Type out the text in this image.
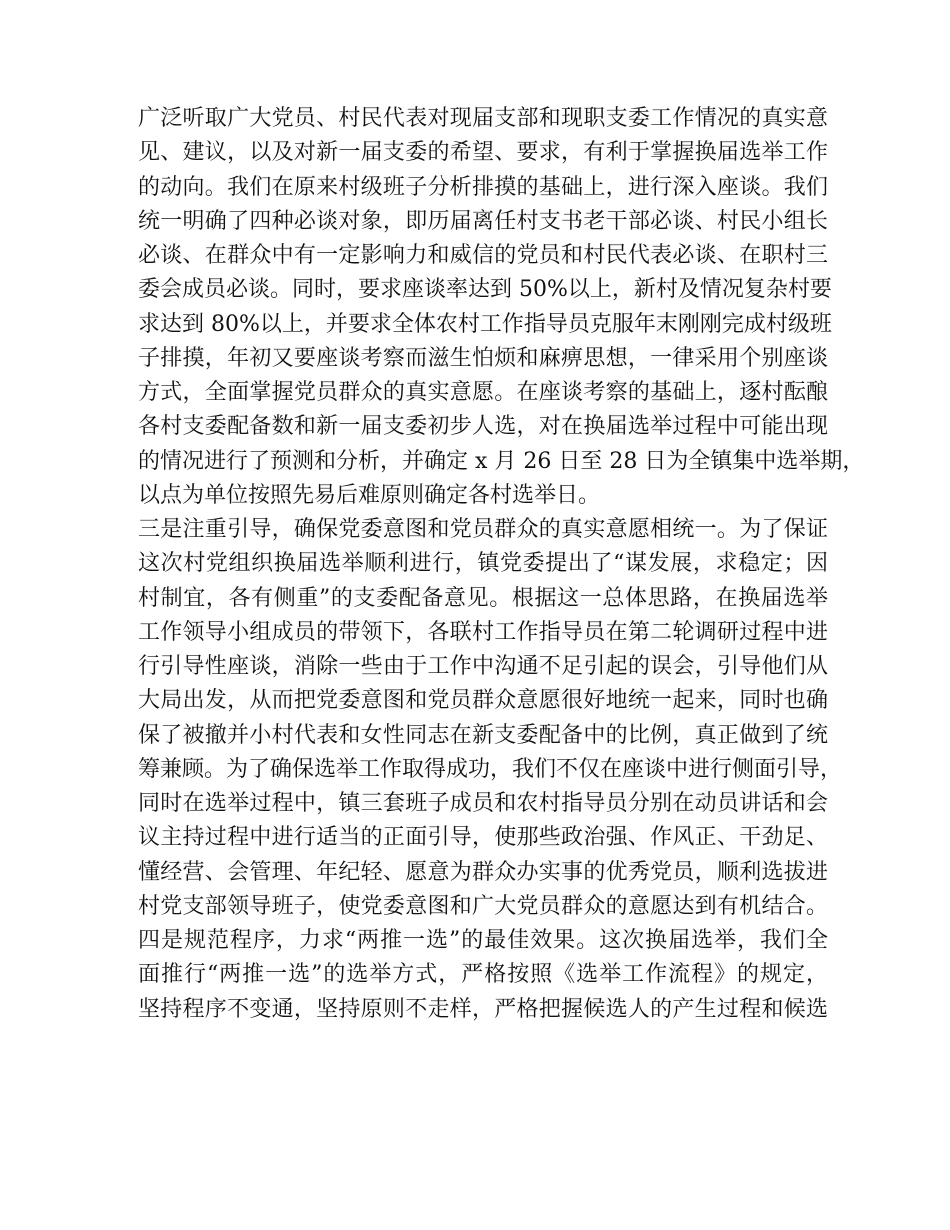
广泛听取广大党员、村民代表对现届支部和现职支委工作情况的真实意
见、建议，以及对新一届支委的希望、要求，有利于掌握换届选举工作
的动向。我们在原来村级班子分析排摸的基础上，进行深入座谈。我们
统一明确了四种必谈对象，即历届离任村支书老干部必谈、村民小组长
必谈、在群众中有一定影响力和威信的党员和村民代表必谈、在职村三
委会成员必谈。同时，要求座谈率达到 50%以上，新村及情况复杂村要
求达到 80%以上，并要求全体农村工作指导员克服年末刚刚完成村级班
子排摸，年初又要座谈考察而滋生怕烦和麻痹思想，一律采用个别座谈
方式，全面掌握党员群众的真实意愿。在座谈考察的基础上，逐村酝酿
各村支委配备数和新一届支委初步人选，对在换届选举过程中可能出现
的情况进行了预测和分析，并确定 x 月 26 日至 28 日为全镇集中选举期，
以点为单位按照先易后难原则确定各村选举日。
三是注重引导，确保党委意图和党员群众的真实意愿相统一。为了保证
这次村党组织换届选举顺利进行，镇党委提出了“谋发展，求稳定；因
村制宜，各有侧重”的支委配备意见。根据这一总体思路，在换届选举
工作领导小组成员的带领下，各联村工作指导员在第二轮调研过程中进
行引导性座谈，消除一些由于工作中沟通不足引起的误会，引导他们从
大局出发，从而把党委意图和党员群众意愿很好地统一起来，同时也确
保了被撤并小村代表和女性同志在新支委配备中的比例，真正做到了统
筹兼顾。为了确保选举工作取得成功，我们不仅在座谈中进行侧面引导，
同时在选举过程中，镇三套班子成员和农村指导员分别在动员讲话和会
议主持过程中进行适当的正面引导，使那些政治强、作风正、干劲足、
懂经营、会管理、年纪轻、愿意为群众办实事的优秀党员，顺利选拔进
村党支部领导班子，使党委意图和广大党员群众的意愿达到有机结合。
四是规范程序，力求“两推一选”的最佳效果。这次换届选举，我们全
面推行“两推一选”的选举方式，严格按照《选举工作流程》的规定，
坚持程序不变通，坚持原则不走样，严格把握候选人的产生过程和候选
